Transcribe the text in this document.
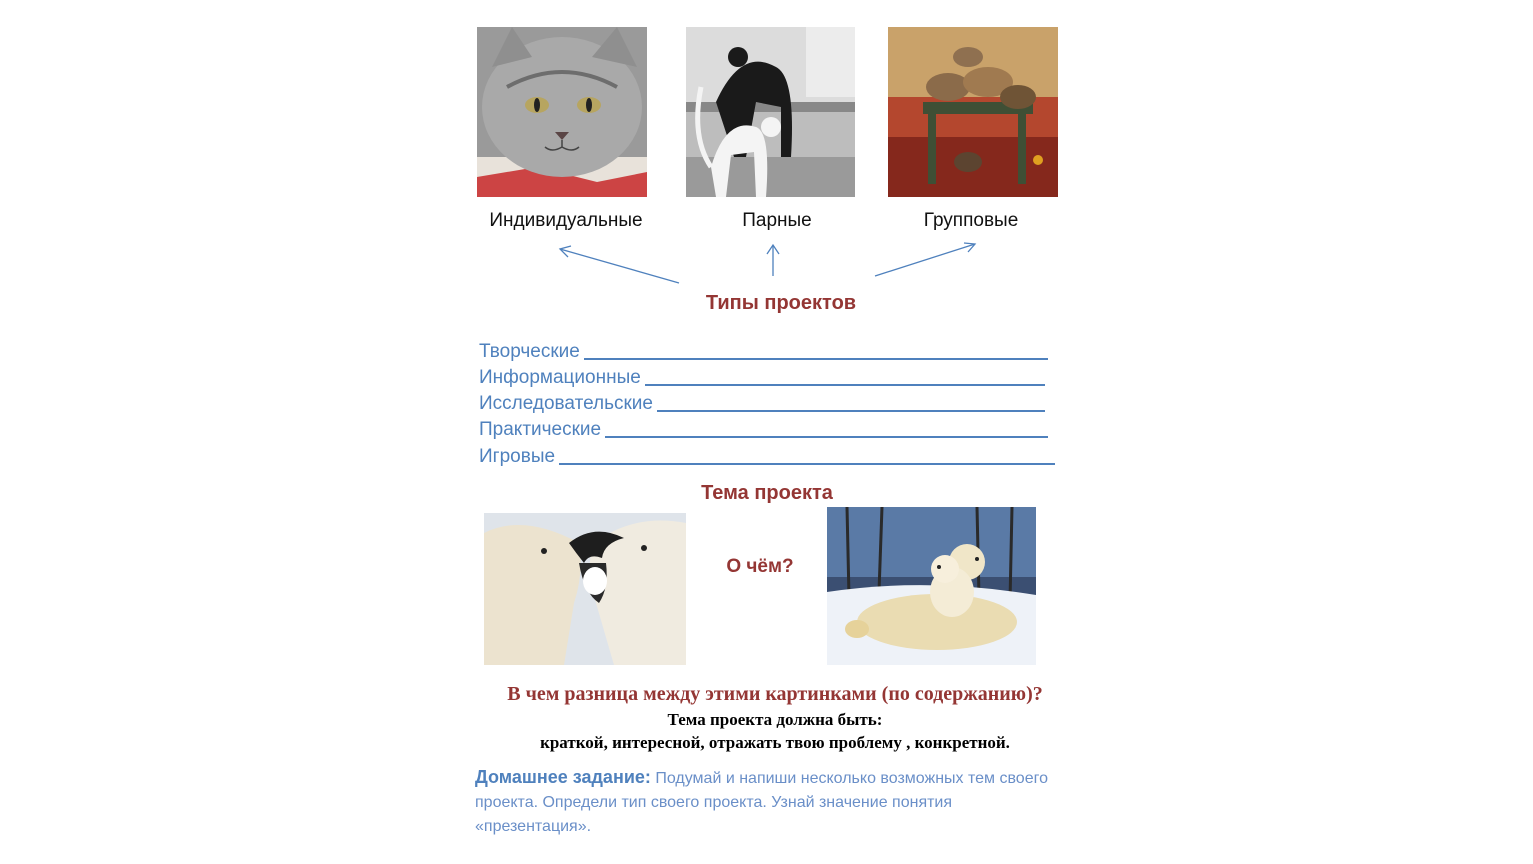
Индивидуальные	Парные	Групповые
Типы проектов
Творческие
Информационные
Исследовательские
Практические
Игровые
Тема проекта
О чём?
В чем разница между этими картинками (по содержанию)?
Тема проекта должна быть:
краткой, интересной, отражать твою проблему , конкретной.
Домашнее задание: Подумай и напиши несколько возможных тем своего проекта. Определи тип своего проекта. Узнай значение понятия «презентация».
